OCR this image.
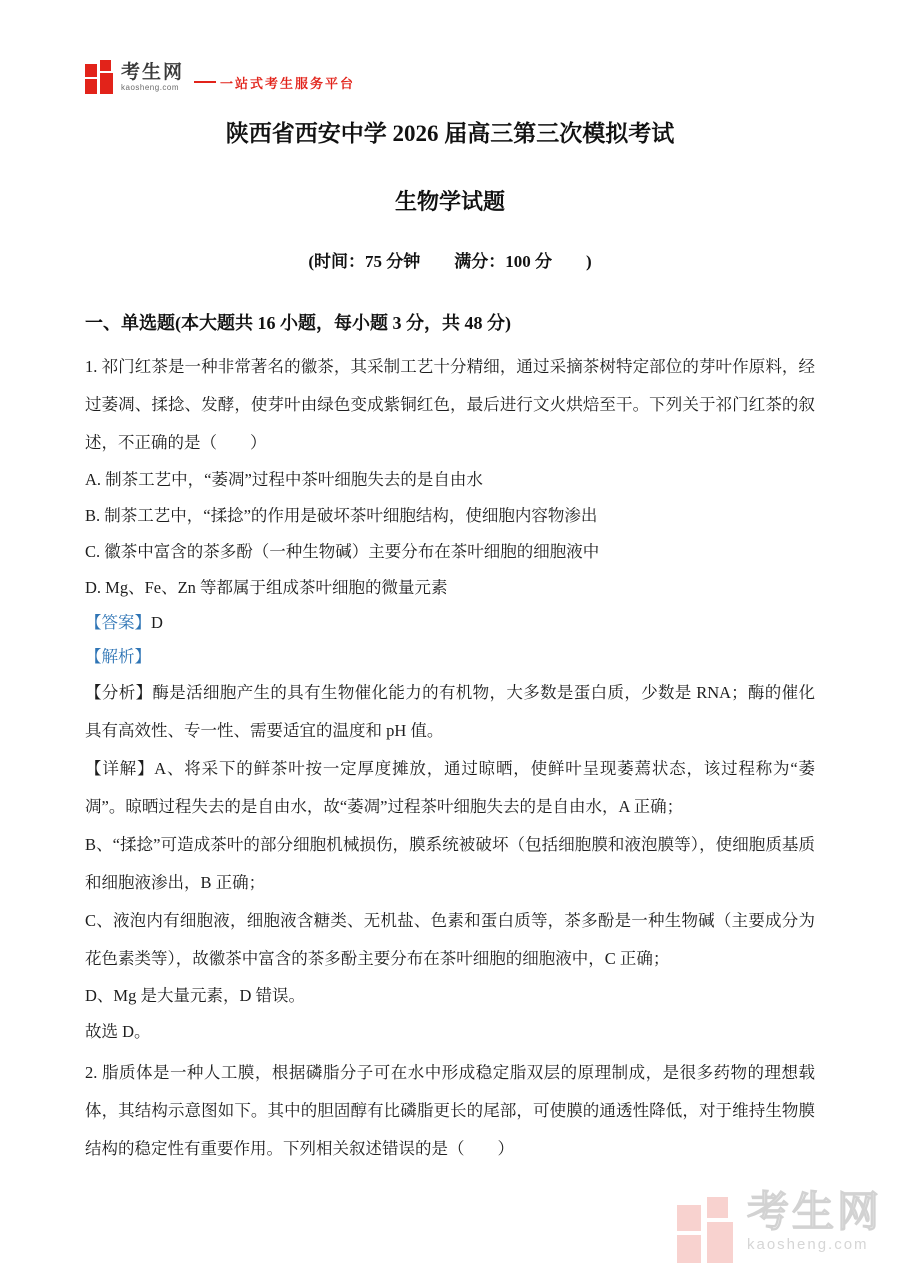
考生网
kaosheng.com	一站式考生服务平台
陕西省西安中学 2026 届高三第三次模拟考试
生物学试题
(时间：75 分钟　　满分：100 分　　)
一、单选题(本大题共 16 小题，每小题 3 分，共 48 分)
1. 祁门红茶是一种非常著名的徽茶，其采制工艺十分精细，通过采摘茶树特定部位的芽叶作原料，经过萎凋、揉捻、发酵，使芽叶由绿色变成紫铜红色，最后进行文火烘焙至干。下列关于祁门红茶的叙述，不正确的是（　　）
A. 制茶工艺中，“萎凋”过程中茶叶细胞失去的是自由水
B. 制茶工艺中，“揉捻”的作用是破坏茶叶细胞结构，使细胞内容物渗出
C. 徽茶中富含的茶多酚（一种生物碱）主要分布在茶叶细胞的细胞液中
D. Mg、Fe、Zn 等都属于组成茶叶细胞的微量元素
【答案】D
【解析】
【分析】酶是活细胞产生的具有生物催化能力的有机物，大多数是蛋白质，少数是 RNA；酶的催化具有高效性、专一性、需要适宜的温度和 pH 值。
【详解】A、将采下的鲜茶叶按一定厚度摊放，通过晾晒，使鲜叶呈现萎蔫状态，该过程称为“萎凋”。晾晒过程失去的是自由水，故“萎凋”过程茶叶细胞失去的是自由水，A 正确；
B、“揉捻”可造成茶叶的部分细胞机械损伤，膜系统被破坏（包括细胞膜和液泡膜等），使细胞质基质和细胞液渗出，B 正确；
C、液泡内有细胞液，细胞液含糖类、无机盐、色素和蛋白质等，茶多酚是一种生物碱（主要成分为花色素类等），故徽茶中富含的茶多酚主要分布在茶叶细胞的细胞液中，C 正确；
D、Mg 是大量元素，D 错误。
故选 D。
2. 脂质体是一种人工膜，根据磷脂分子可在水中形成稳定脂双层的原理制成，是很多药物的理想载体，其结构示意图如下。其中的胆固醇有比磷脂更长的尾部，可使膜的通透性降低，对于维持生物膜结构的稳定性有重要作用。下列相关叙述错误的是（　　）
考生网
kaosheng.com
